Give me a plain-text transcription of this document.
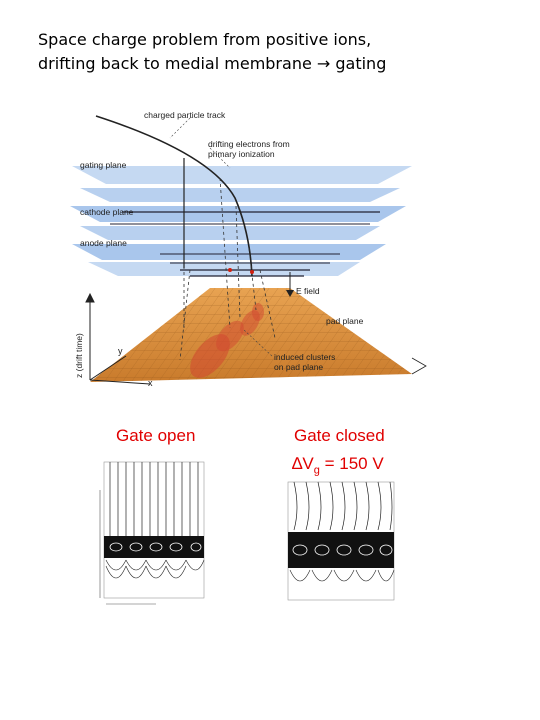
Space charge problem from positive ions,
drifting back to medial membrane → gating
charged particle track
drifting electrons from
primary ionization
gating plane
cathode plane
anode plane
E field
pad plane
induced clusters
on pad plane
z (drift time)	y
x
Gate open	Gate closed
$\Delta V_g = 150$ V
